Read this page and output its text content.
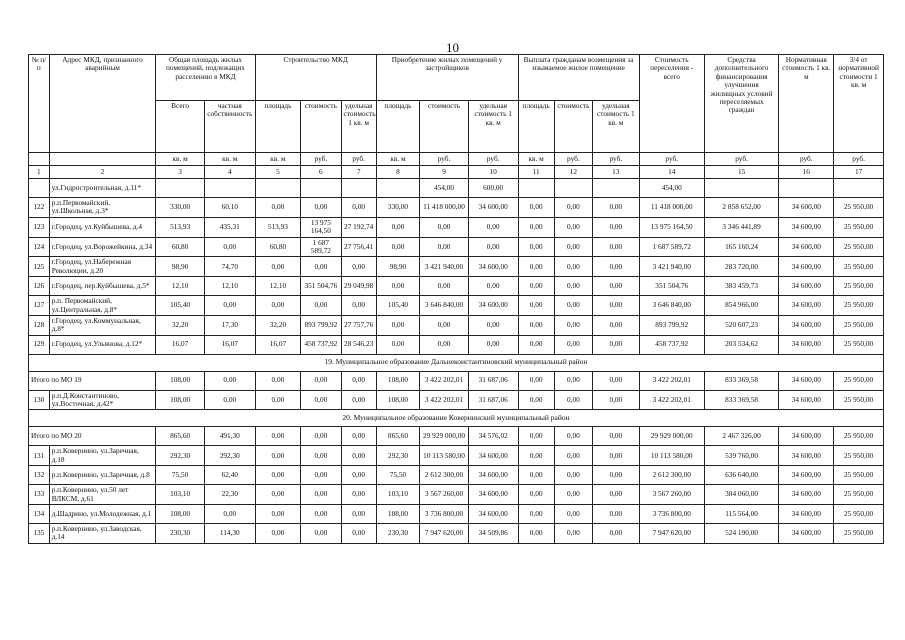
10
№ п/п	Адрес МКД, признанного аварийным	Общая площадь жилых помещений, подлежащих расселению в МКД		Строительство МКД			Приобретение жилых помещений у застройщиков			Выплата гражданам возмещения за изымаемое жилое помещение			Стоимость переселения - всего	Средства дополнительного финансирования улучшения жилищных условий переселяемых граждан	Нормативная стоимость 1 кв. м	3/4 от нормативной стоимости 1 кв. м
		Всего	частная собственность	площадь	стоимость	удельная стоимость 1 кв. м	площадь	стоимость	удельная стоимость 1 кв. м	площадь	стоимость	удельная стоимость 1 кв. м				
		кв. м	кв. м	кв. м	руб.	руб.	кв. м	руб.	руб.	кв. м	руб.	руб.	руб.	руб.	руб.	руб.
1	2	3	4	5	6	7	8	9	10	11	12	13	14	15	16	17
	ул.Гидростроительная, д.11*							454,00	600,00				454,00			
122	р.п.Первомайский, ул.Школьная, д.3*	330,00	60,10	0,00	0,00	0,00	330,00	11 418 000,00	34 600,00	0,00	0,00	0,00	11 418 000,00	2 858 652,00	34 600,00	25 950,00
123	г.Городец, ул.Куйбышева, д.4	513,93	435,31	513,93	13 975 164,50	27 192,74	0,00	0,00	0,00	0,00	0,00	0,00	13 975 164,50	3 346 441,89	34 600,00	25 950,00
124	г.Городец, ул.Ворожейкина, д.34	60,80	0,00	60,80	1 687 589,72	27 756,41	0,00	0,00	0,00	0,00	0,00	0,00	1 687 589,72	165 160,24	34 600,00	25 950,00
125	г.Городец, ул.Набережная Революции, д.20	98,90	74,70	0,00	0,00	0,00	98,90	3 421 940,00	34 600,00	0,00	0,00	0,00	3 421 940,00	283 720,00	34 600,00	25 950,00
126	г.Городец, пер.Куйбышева, д.5*	12,10	12,10	12,10	351 504,76	29 049,98	0,00	0,00	0,00	0,00	0,00	0,00	351 504,76	383 459,73	34 600,00	25 950,00
127	р.п. Первомайский, ул.Центральная, д.8*	105,40	0,00	0,00	0,00	0,00	105,40	3 646 840,00	34 600,00	0,00	0,00	0,00	3 646 840,00	854 966,00	34 600,00	25 950,00
128	г.Городец, ул.Коммунальная, д.8*	32,20	17,30	32,20	893 799,92	27 757,76	0,00	0,00	0,00	0,00	0,00	0,00	893 799,92	520 607,23	34 600,00	25 950,00
129	г.Городец, ул.Ульянова, д.12*	16,07	16,07	16,07	458 737,92	28 546,23	0,00	0,00	0,00	0,00	0,00	0,00	458 737,92	203 534,62	34 600,00	25 950,00
19. Муниципальное образование Дальнеконстантиновский муниципальный район																
Итого по МО 19		108,00	0,00	0,00	0,00	0,00	108,00	3 422 202,01	31 687,06	0,00	0,00	0,00	3 422 202,01	833 369,58	34 600,00	25 950,00
130	р.п.Д.Константиново, ул.Восточная, д.42*	108,00	0,00	0,00	0,00	0,00	108,00	3 422 202,01	31 687,06	0,00	0,00	0,00	3 422 202,01	833 369,58	34 600,00	25 950,00
20. Муниципальное образование Ковернинский муниципальный район																
Итого по МО 20		865,60	491,30	0,00	0,00	0,00	865,60	29 929 000,00	34 576,02	0,00	0,00	0,00	29 929 000,00	2 467 326,00	34 600,00	25 950,00
131	р.п.Ковернино, ул.Заречная, д.18	292,30	292,30	0,00	0,00	0,00	292,30	10 113 580,00	34 600,00	0,00	0,00	0,00	10 113 580,00	539 760,00	34 600,00	25 950,00
132	р.п.Ковернино, ул.Заречная, д.8	75,50	62,40	0,00	0,00	0,00	75,50	2 612 300,00	34 600,00	0,00	0,00	0,00	2 612 300,00	636 640,00	34 600,00	25 950,00
133	р.п.Ковернино, ул.50 лет ВЛКСМ, д.61	103,10	22,30	0,00	0,00	0,00	103,10	3 567 260,00	34 600,00	0,00	0,00	0,00	3 567 260,00	384 060,00	34 600,00	25 950,00
134	д.Шадрино, ул.Молодежная, д.1	108,00	0,00	0,00	0,00	0,00	108,00	3 736 800,00	34 600,00	0,00	0,00	0,00	3 736 800,00	115 564,00	34 600,00	25 950,00
135	р.п.Ковернино, ул.Заводская, д.14	230,30	114,30	0,00	0,00	0,00	230,30	7 947 620,00	34 509,86	0,00	0,00	0,00	7 947 620,00	524 190,00	34 600,00	25 950,00
